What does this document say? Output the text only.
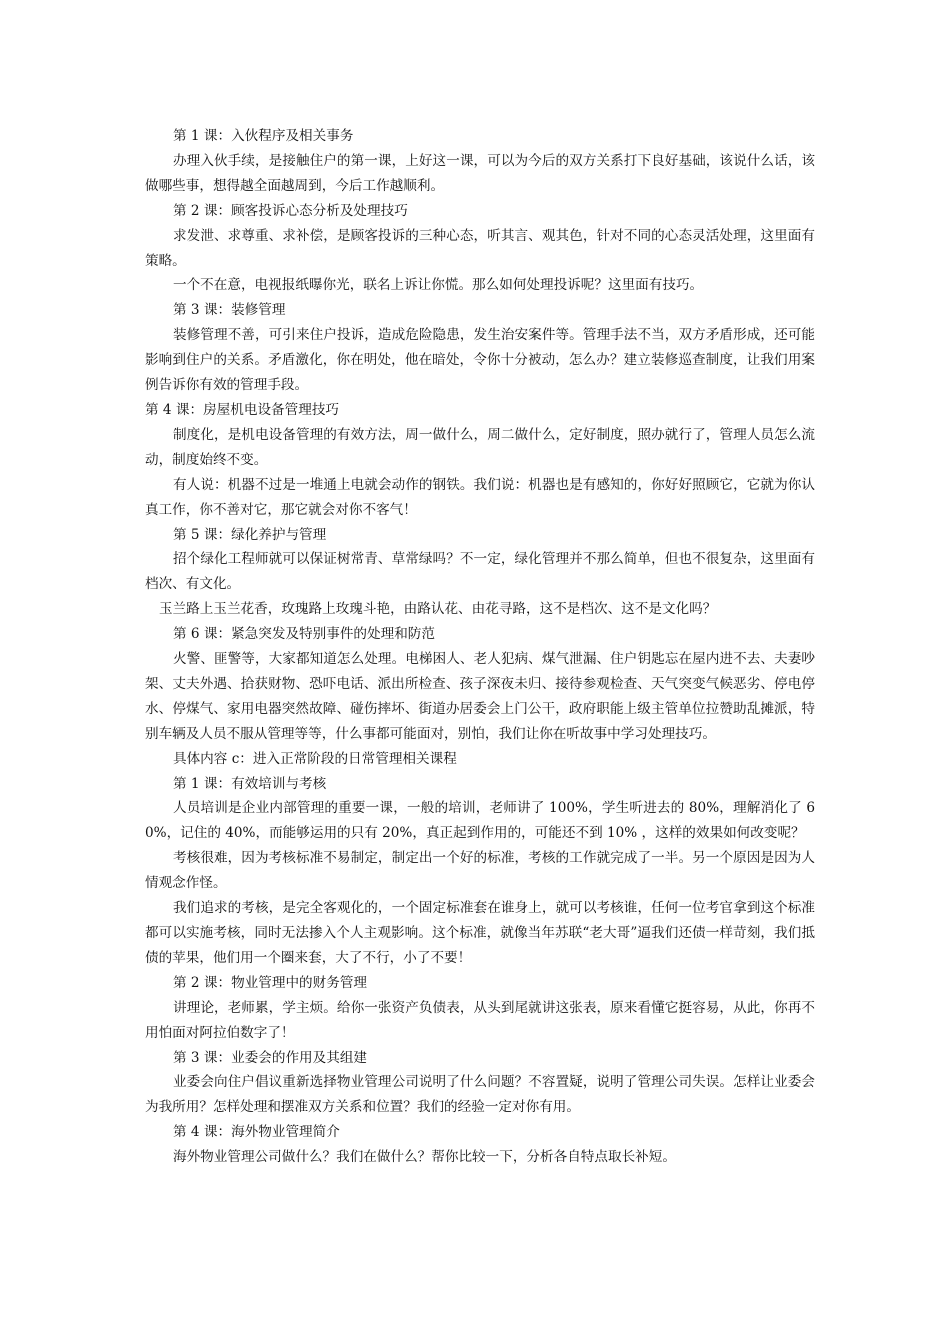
第 1 课：入伙程序及相关事务

办理入伙手续，是接触住户的第一课，上好这一课，可以为今后的双方关系打下良好基础，该说什么话，该做哪些事，想得越全面越周到，今后工作越顺利。

第 2 课：顾客投诉心态分析及处理技巧

求发泄、求尊重、求补偿，是顾客投诉的三种心态，听其言、观其色，针对不同的心态灵活处理，这里面有策略。

一个不在意，电视报纸曝你光，联名上诉让你慌。那么如何处理投诉呢？这里面有技巧。

第 3 课：装修管理

装修管理不善，可引来住户投诉，造成危险隐患，发生治安案件等。管理手法不当，双方矛盾形成，还可能影响到住户的关系。矛盾激化，你在明处，他在暗处，令你十分被动，怎么办？建立装修巡查制度，让我们用案例告诉你有效的管理手段。

第 4 课：房屋机电设备管理技巧

制度化，是机电设备管理的有效方法，周一做什么，周二做什么，定好制度，照办就行了，管理人员怎么流动，制度始终不变。

有人说：机器不过是一堆通上电就会动作的钢铁。我们说：机器也是有感知的，你好好照顾它，它就为你认真工作，你不善对它，那它就会对你不客气！

第 5 课：绿化养护与管理

招个绿化工程师就可以保证树常青、草常绿吗？不一定，绿化管理并不那么简单，但也不很复杂，这里面有档次、有文化。

玉兰路上玉兰花香，玫瑰路上玫瑰斗艳，由路认花、由花寻路，这不是档次、这不是文化吗？

第 6 课：紧急突发及特别事件的处理和防范

火警、匪警等，大家都知道怎么处理。电梯困人、老人犯病、煤气泄漏、住户钥匙忘在屋内进不去、夫妻吵架、丈夫外遇、拾获财物、恐吓电话、派出所检查、孩子深夜未归、接待参观检查、天气突变气候恶劣、停电停水、停煤气、家用电器突然故障、碰伤摔坏、街道办居委会上门公干，政府职能上级主管单位拉赞助乱摊派，特别车辆及人员不服从管理等等，什么事都可能面对，别怕，我们让你在听故事中学习处理技巧。

具体内容 c：进入正常阶段的日常管理相关课程

第 1 课：有效培训与考核

人员培训是企业内部管理的重要一课，一般的培训，老师讲了 100%，学生听进去的 80%，理解消化了 60%，记住的 40%，而能够运用的只有 20%，真正起到作用的，可能还不到 10% ，这样的效果如何改变呢？

考核很难，因为考核标准不易制定，制定出一个好的标准，考核的工作就完成了一半。另一个原因是因为人情观念作怪。

我们追求的考核，是完全客观化的，一个固定标准套在谁身上，就可以考核谁，任何一位考官拿到这个标准都可以实施考核，同时无法掺入个人主观影响。这个标准，就像当年苏联“老大哥”逼我们还债一样苛刻，我们抵债的苹果，他们用一个圈来套，大了不行，小了不要！

第 2 课：物业管理中的财务管理

讲理论，老师累，学主烦。给你一张资产负债表，从头到尾就讲这张表，原来看懂它挺容易，从此，你再不用怕面对阿拉伯数字了！

第 3 课：业委会的作用及其组建

业委会向住户倡议重新选择物业管理公司说明了什么问题？不容置疑，说明了管理公司失误。怎样让业委会为我所用？怎样处理和摆准双方关系和位置？我们的经验一定对你有用。

第 4 课：海外物业管理简介

海外物业管理公司做什么？我们在做什么？帮你比较一下，分析各自特点取长补短。
